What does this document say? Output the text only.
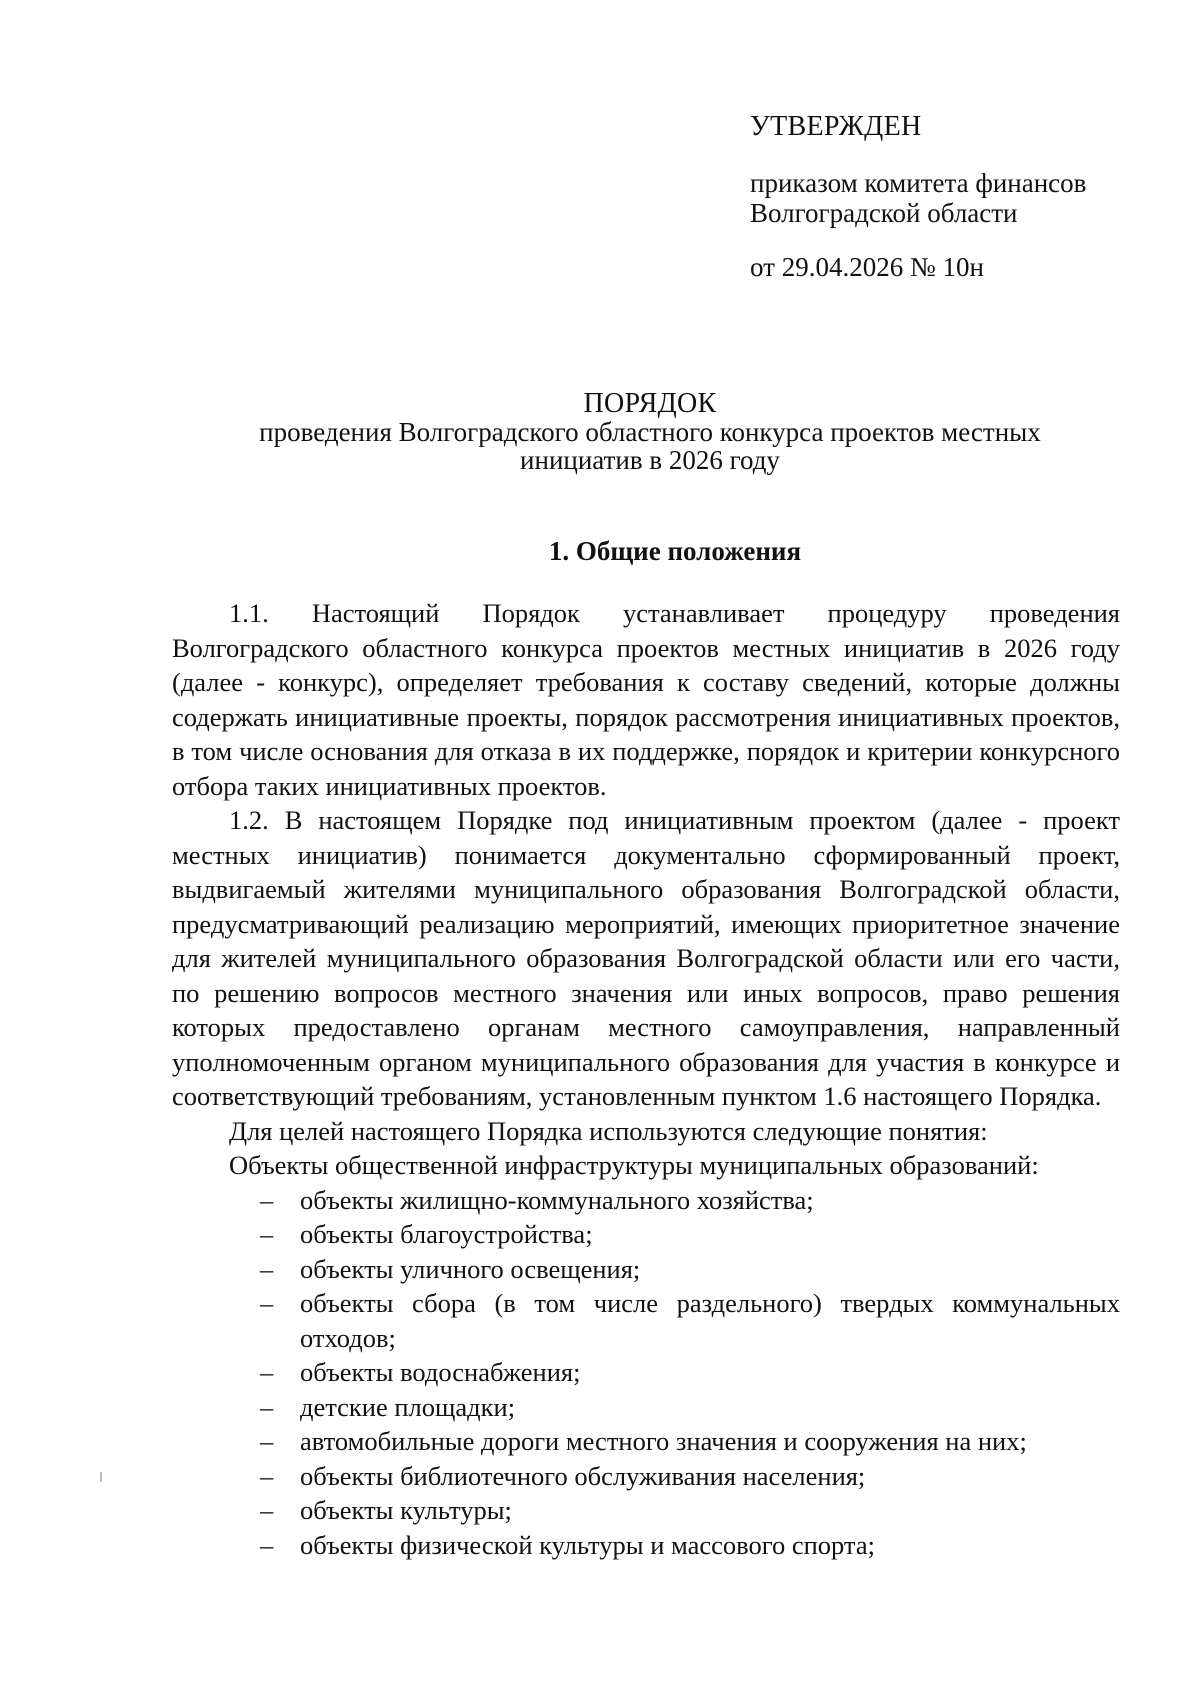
УТВЕРЖДЕН
приказом комитета финансов
Волгоградской области
от 29.04.2026 № 10н
ПОРЯДОК
проведения Волгоградского областного конкурса проектов местных
инициатив в 2026 году
1. Общие положения

1.1. Настоящий Порядок устанавливает процедуру проведения Волгоградского областного конкурса проектов местных инициатив в 2026 году (далее - конкурс), определяет требования к составу сведений, которые должны содержать инициативные проекты, порядок рассмотрения инициативных проектов, в том числе основания для отказа в их поддержке, порядок и критерии конкурсного отбора таких инициативных проектов.

1.2. В настоящем Порядке под инициативным проектом (далее - проект местных инициатив) понимается документально сформированный проект, выдвигаемый жителями муниципального образования Волгоградской области, предусматривающий реализацию мероприятий, имеющих приоритетное значение для жителей муниципального образования Волгоградской области или его части, по решению вопросов местного значения или иных вопросов, право решения которых предоставлено органам местного самоуправления, направленный уполномоченным органом муниципального образования для участия в конкурсе и соответствующий требованиям, установленным пунктом 1.6 настоящего Порядка.

Для целей настоящего Порядка используются следующие понятия:

Объекты общественной инфраструктуры муниципальных образований:

– объекты жилищно-коммунального хозяйства;
– объекты благоустройства;
– объекты уличного освещения;
– объекты сбора (в том числе раздельного) твердых коммунальных отходов;
– объекты водоснабжения;
– детские площадки;
– автомобильные дороги местного значения и сооружения на них;
– объекты библиотечного обслуживания населения;
– объекты культуры;
– объекты физической культуры и массового спорта;
